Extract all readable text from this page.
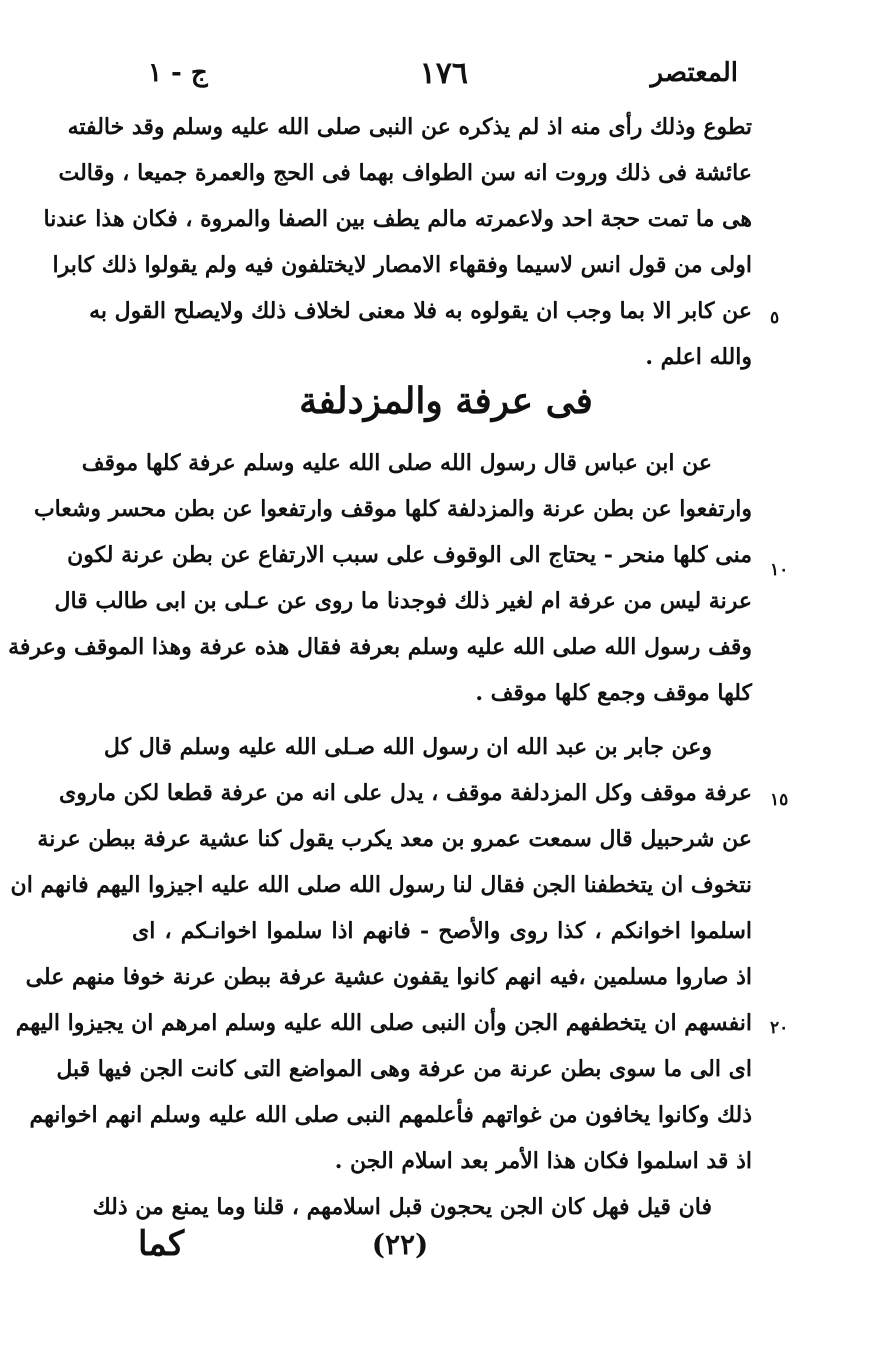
المعتصر
١٧٦
ج - ١
تطوع وذلك رأى منه اذ لم يذكره عن النبى صلى الله عليه وسلم وقد خالفته
عائشة فى ذلك وروت انه سن الطواف بهما فى الحج والعمرة جميعا ، وقالت
هى ما تمت حجة احد ولاعمرته مالم يطف بين الصفا والمروة ، فكان هذا عندنا
اولى من قول انس لاسيما وفقهاء الامصار لايختلفون فيه ولم يقولوا ذلك كابرا
عن كابر الا بما وجب ان يقولوه به فلا معنى لخلاف ذلك ولايصلح القول به
والله اعلم .
فى عرفة والمزدلفة
عن ابن عباس قال رسول الله صلى الله عليه وسلم عرفة كلها موقف
وارتفعوا عن بطن عرنة والمزدلفة كلها موقف وارتفعوا عن بطن محسر وشعاب
منى كلها منحر - يحتاج الى الوقوف على سبب الارتفاع عن بطن عرنة لكون
عرنة ليس من عرفة ام لغير ذلك فوجدنا ما روى عن عـلى بن ابى طالب قال
وقف رسول الله صلى الله عليه وسلم بعرفة فقال هذه عرفة وهذا الموقف وعرفة
كلها موقف وجمع كلها موقف .
وعن جابر بن عبد الله ان رسول الله صـلى الله عليه وسلم قال كل
عرفة موقف وكل المزدلفة موقف ، يدل على انه من عرفة قطعا لكن ماروى
عن شرحبيل قال سمعت عمرو بن معد يكرب يقول كنا عشية عرفة ببطن عرنة
نتخوف ان يتخطفنا الجن فقال لنا رسول الله صلى الله عليه اجيزوا اليهم فانهم ان
اسلموا اخوانكم ، كذا روى والأصح - فانهم اذا سلموا اخوانـكم ، اى
اذ صاروا مسلمين ،فيه انهم كانوا يقفون عشية عرفة ببطن عرنة خوفا منهم على
انفسهم ان يتخطفهم الجن وأن النبى صلى الله عليه وسلم امرهم ان يجيزوا اليهم
اى الى ما سوى بطن عرنة من عرفة وهى المواضع التى كانت الجن فيها قبل
ذلك وكانوا يخافون من غواتهم فأعلمهم النبى صلى الله عليه وسلم انهم اخوانهم
اذ قد اسلموا فكان هذا الأمر بعد اسلام الجن .
فان قيل فهل كان الجن يحجون قبل اسلامهم ، قلنا وما يمنع من ذلك
٥
١٠
١٥
٢٠
(٢٢)
كما
